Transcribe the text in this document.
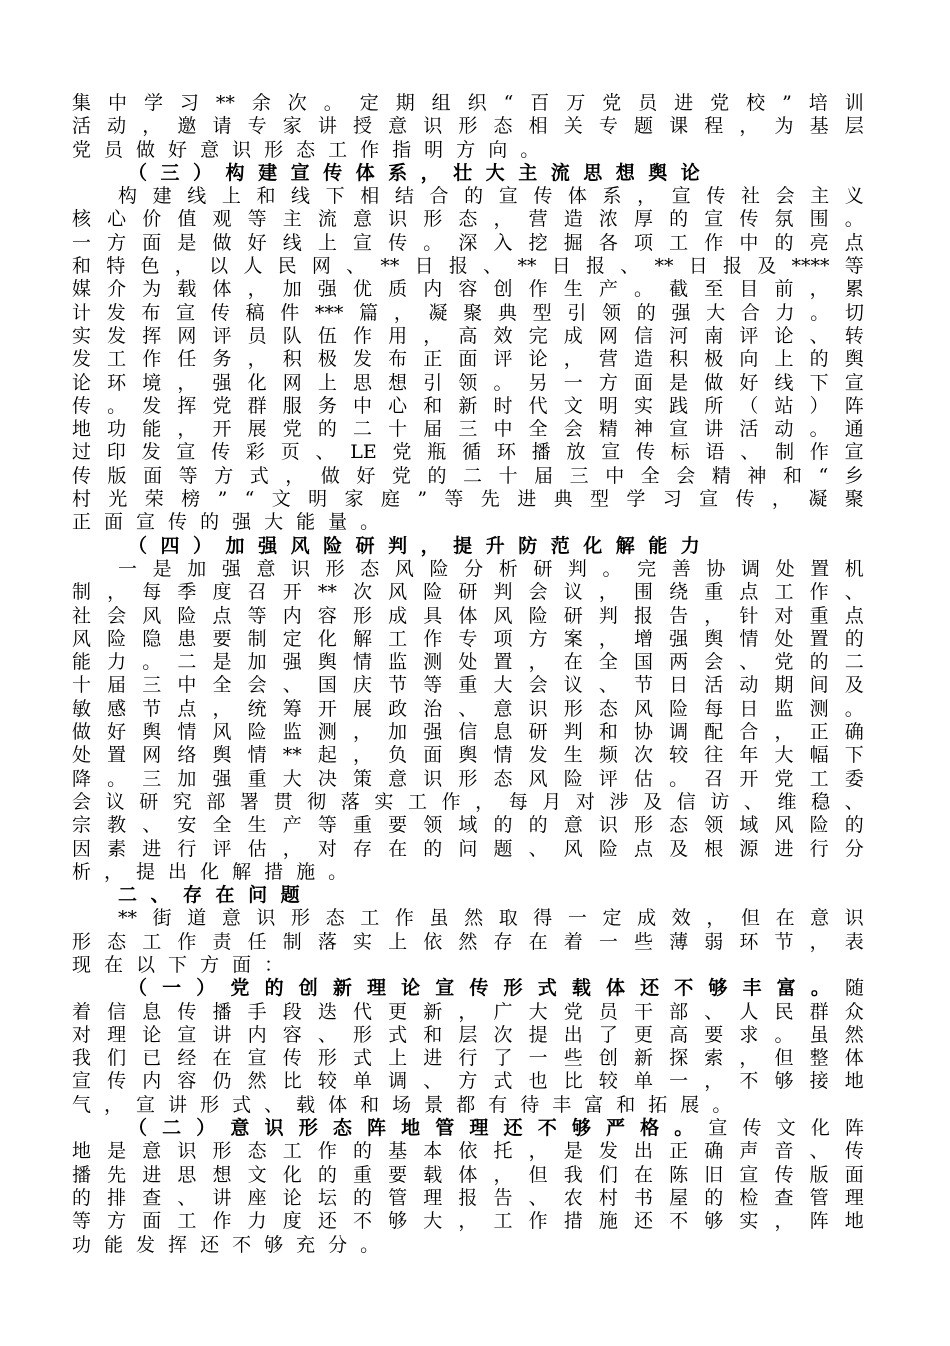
集 中 学 习 ** 余 次 。 定 期 组 织 “ 百 万 党 员 进 党 校 ” 培 训
活 动 ， 邀 请 专 家 讲 授 意 识 形 态 相 关 专 题 课 程 ， 为 基 层
党 员 做 好 意 识 形 态 工 作 指 明 方 向 。
（ 三 ） 构 建 宣 传 体 系 ， 壮 大 主 流 思 想 舆 论
构 建 线 上 和 线 下 相 结 合 的 宣 传 体 系 ， 宣 传 社 会 主 义
核 心 价 值 观 等 主 流 意 识 形 态 ， 营 造 浓 厚 的 宣 传 氛 围 。
一 方 面 是 做 好 线 上 宣 传 。 深 入 挖 掘 各 项 工 作 中 的 亮 点
和 特 色 ， 以 人 民 网 、 ** 日 报 、 ** 日 报 、 ** 日 报 及 **** 等
媒 介 为 载 体 ， 加 强 优 质 内 容 创 作 生 产 。 截 至 目 前 ， 累
计 发 布 宣 传 稿 件 *** 篇 ， 凝 聚 典 型 引 领 的 强 大 合 力 。 切
实 发 挥 网 评 员 队 伍 作 用 ， 高 效 完 成 网 信 河 南 评 论 、 转
发 工 作 任 务 ， 积 极 发 布 正 面 评 论 ， 营 造 积 极 向 上 的 舆
论 环 境 ， 强 化 网 上 思 想 引 领 。 另 一 方 面 是 做 好 线 下 宣
传 。 发 挥 党 群 服 务 中 心 和 新 时 代 文 明 实 践 所 （ 站 ） 阵
地 功 能 ， 开 展 党 的 二 十 届 三 中 全 会 精 神 宣 讲 活 动 。 通
过 印 发 宣 传 彩 页 、 LE 党 瓶 循 环 播 放 宣 传 标 语 、 制 作 宣
传 版 面 等 方 式 ， 做 好 党 的 二 十 届 三 中 全 会 精 神 和 “ 乡
村 光 荣 榜 ” “ 文 明 家 庭 ” 等 先 进 典 型 学 习 宣 传 ， 凝 聚
正 面 宣 传 的 强 大 能 量 。
（ 四 ） 加 强 风 险 研 判 ， 提 升 防 范 化 解 能 力
一 是 加 强 意 识 形 态 风 险 分 析 研 判 。 完 善 协 调 处 置 机
制 ， 每 季 度 召 开 ** 次 风 险 研 判 会 议 ， 围 绕 重 点 工 作 、
社 会 风 险 点 等 内 容 形 成 具 体 风 险 研 判 报 告 ， 针 对 重 点
风 险 隐 患 要 制 定 化 解 工 作 专 项 方 案 ， 增 强 舆 情 处 置 的
能 力 。 二 是 加 强 舆 情 监 测 处 置 ， 在 全 国 两 会 、 党 的 二
十 届 三 中 全 会 、 国 庆 节 等 重 大 会 议 、 节 日 活 动 期 间 及
敏 感 节 点 ， 统 筹 开 展 政 治 、 意 识 形 态 风 险 每 日 监 测 。
做 好 舆 情 风 险 监 测 ， 加 强 信 息 研 判 和 协 调 配 合 ， 正 确
处 置 网 络 舆 情 ** 起 ， 负 面 舆 情 发 生 频 次 较 往 年 大 幅 下
降 。 三 加 强 重 大 决 策 意 识 形 态 风 险 评 估 。 召 开 党 工 委
会 议 研 究 部 署 贯 彻 落 实 工 作 ， 每 月 对 涉 及 信 访 、 维 稳 、
宗 教 、 安 全 生 产 等 重 要 领 域 的 的 意 识 形 态 领 域 风 险 的
因 素 进 行 评 估 ， 对 存 在 的 问 题 、 风 险 点 及 根 源 进 行 分
析 ， 提 出 化 解 措 施 。
二 、 存 在 问 题
** 街 道 意 识 形 态 工 作 虽 然 取 得 一 定 成 效 ， 但 在 意 识
形 态 工 作 责 任 制 落 实 上 依 然 存 在 着 一 些 薄 弱 环 节 ， 表
现 在 以 下 方 面 ：
（ 一 ） 党 的 创 新 理 论 宣 传 形 式 载 体 还 不 够 丰 富 。 随
着 信 息 传 播 手 段 迭 代 更 新 ， 广 大 党 员 干 部 、 人 民 群 众
对 理 论 宣 讲 内 容 、 形 式 和 层 次 提 出 了 更 高 要 求 。 虽 然
我 们 已 经 在 宣 传 形 式 上 进 行 了 一 些 创 新 探 索 ， 但 整 体
宣 传 内 容 仍 然 比 较 单 调 、 方 式 也 比 较 单 一 ， 不 够 接 地
气 ， 宣 讲 形 式 、 载 体 和 场 景 都 有 待 丰 富 和 拓 展 。
（ 二 ） 意 识 形 态 阵 地 管 理 还 不 够 严 格 。 宣 传 文 化 阵
地 是 意 识 形 态 工 作 的 基 本 依 托 ， 是 发 出 正 确 声 音 、 传
播 先 进 思 想 文 化 的 重 要 载 体 ， 但 我 们 在 陈 旧 宣 传 版 面
的 排 查 、 讲 座 论 坛 的 管 理 报 告 、 农 村 书 屋 的 检 查 管 理
等 方 面 工 作 力 度 还 不 够 大 ， 工 作 措 施 还 不 够 实 ， 阵 地
功 能 发 挥 还 不 够 充 分 。
